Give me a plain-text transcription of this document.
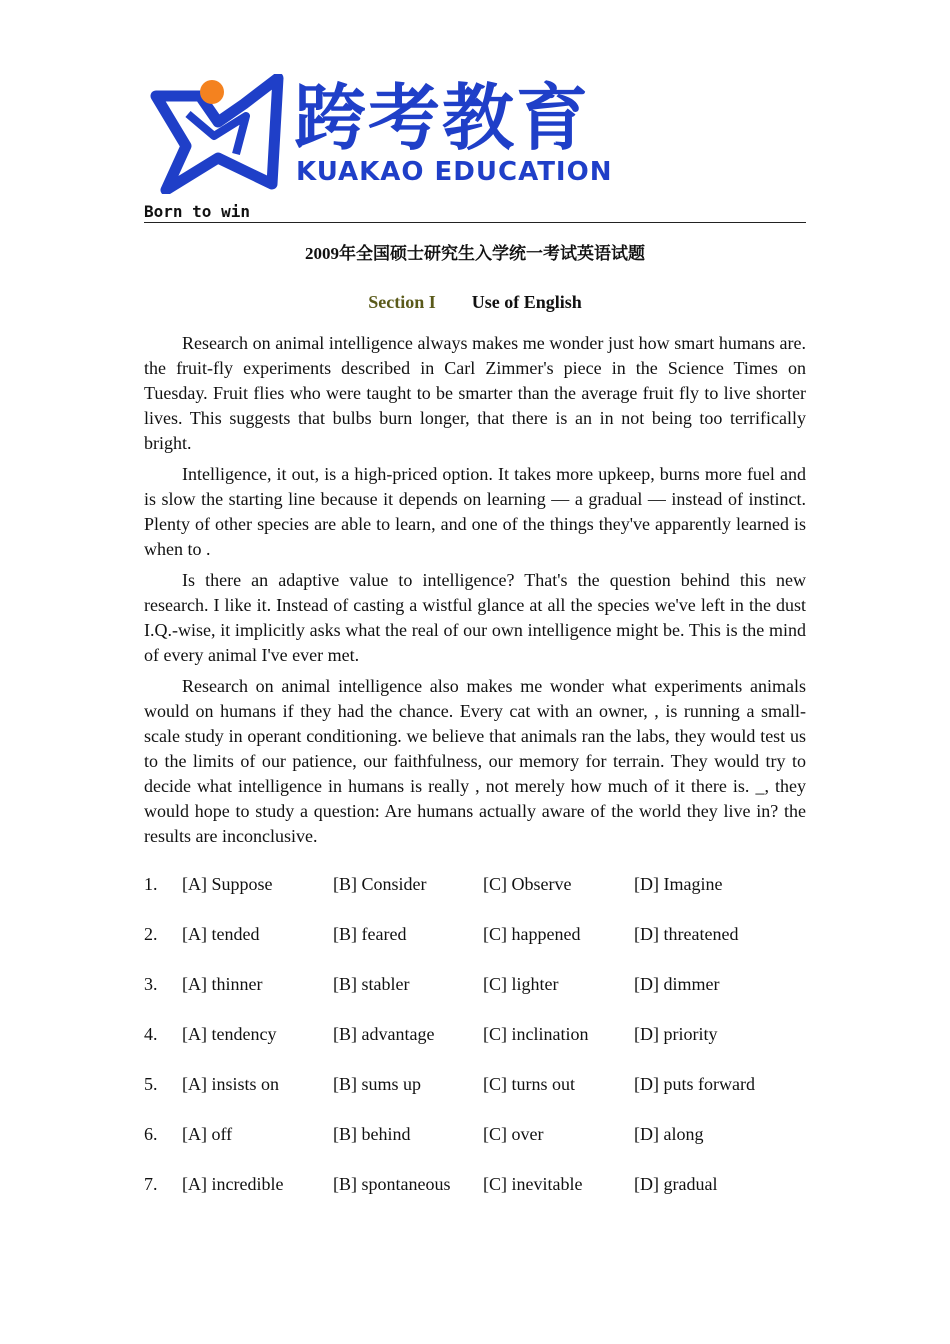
跨考教育
KUAKAO EDUCATION
Born to win
2009年全国硕士研究生入学统一考试英语试题
Section I Use of English

Research on animal intelligence always makes me wonder just how smart humans are. the fruit-fly experiments described in Carl Zimmer's piece in the Science Times on Tuesday. Fruit flies who were taught to be smarter than the average fruit fly to live shorter lives. This suggests that bulbs burn longer, that there is an in not being too terrifically bright.

Intelligence, it out, is a high-priced option. It takes more upkeep, burns more fuel and is slow the starting line because it depends on learning — a gradual — instead of instinct. Plenty of other species are able to learn, and one of the things they've apparently learned is when to .

Is there an adaptive value to intelligence? That's the question behind this new research. I like it. Instead of casting a wistful glance at all the species we've left in the dust I.Q.-wise, it implicitly asks what the real of our own intelligence might be. This is the mind of every animal I've ever met.

Research on animal intelligence also makes me wonder what experiments animals would on humans if they had the chance. Every cat with an owner, , is running a small-scale study in operant conditioning. we believe that animals ran the labs, they would test us to the limits of our patience, our faithfulness, our memory for terrain. They would try to decide what intelligence in humans is really , not merely how much of it there is. _, they would hope to study a question: Are humans actually aware of the world they live in? the results are inconclusive.

1. [A] Suppose	[B] Consider	[C] Observe	[D] Imagine
2. [A] tended	[B] feared	[C] happened	[D] threatened
3. [A] thinner	[B] stabler	[C] lighter	[D] dimmer
4. [A] tendency	[B] advantage	[C] inclination	[D] priority
5. [A] insists on	[B] sums up	[C] turns out	[D] puts forward
6. [A] off	[B] behind	[C] over	[D] along
7. [A] incredible	[B] spontaneous [C] inevitable	[D] gradual
